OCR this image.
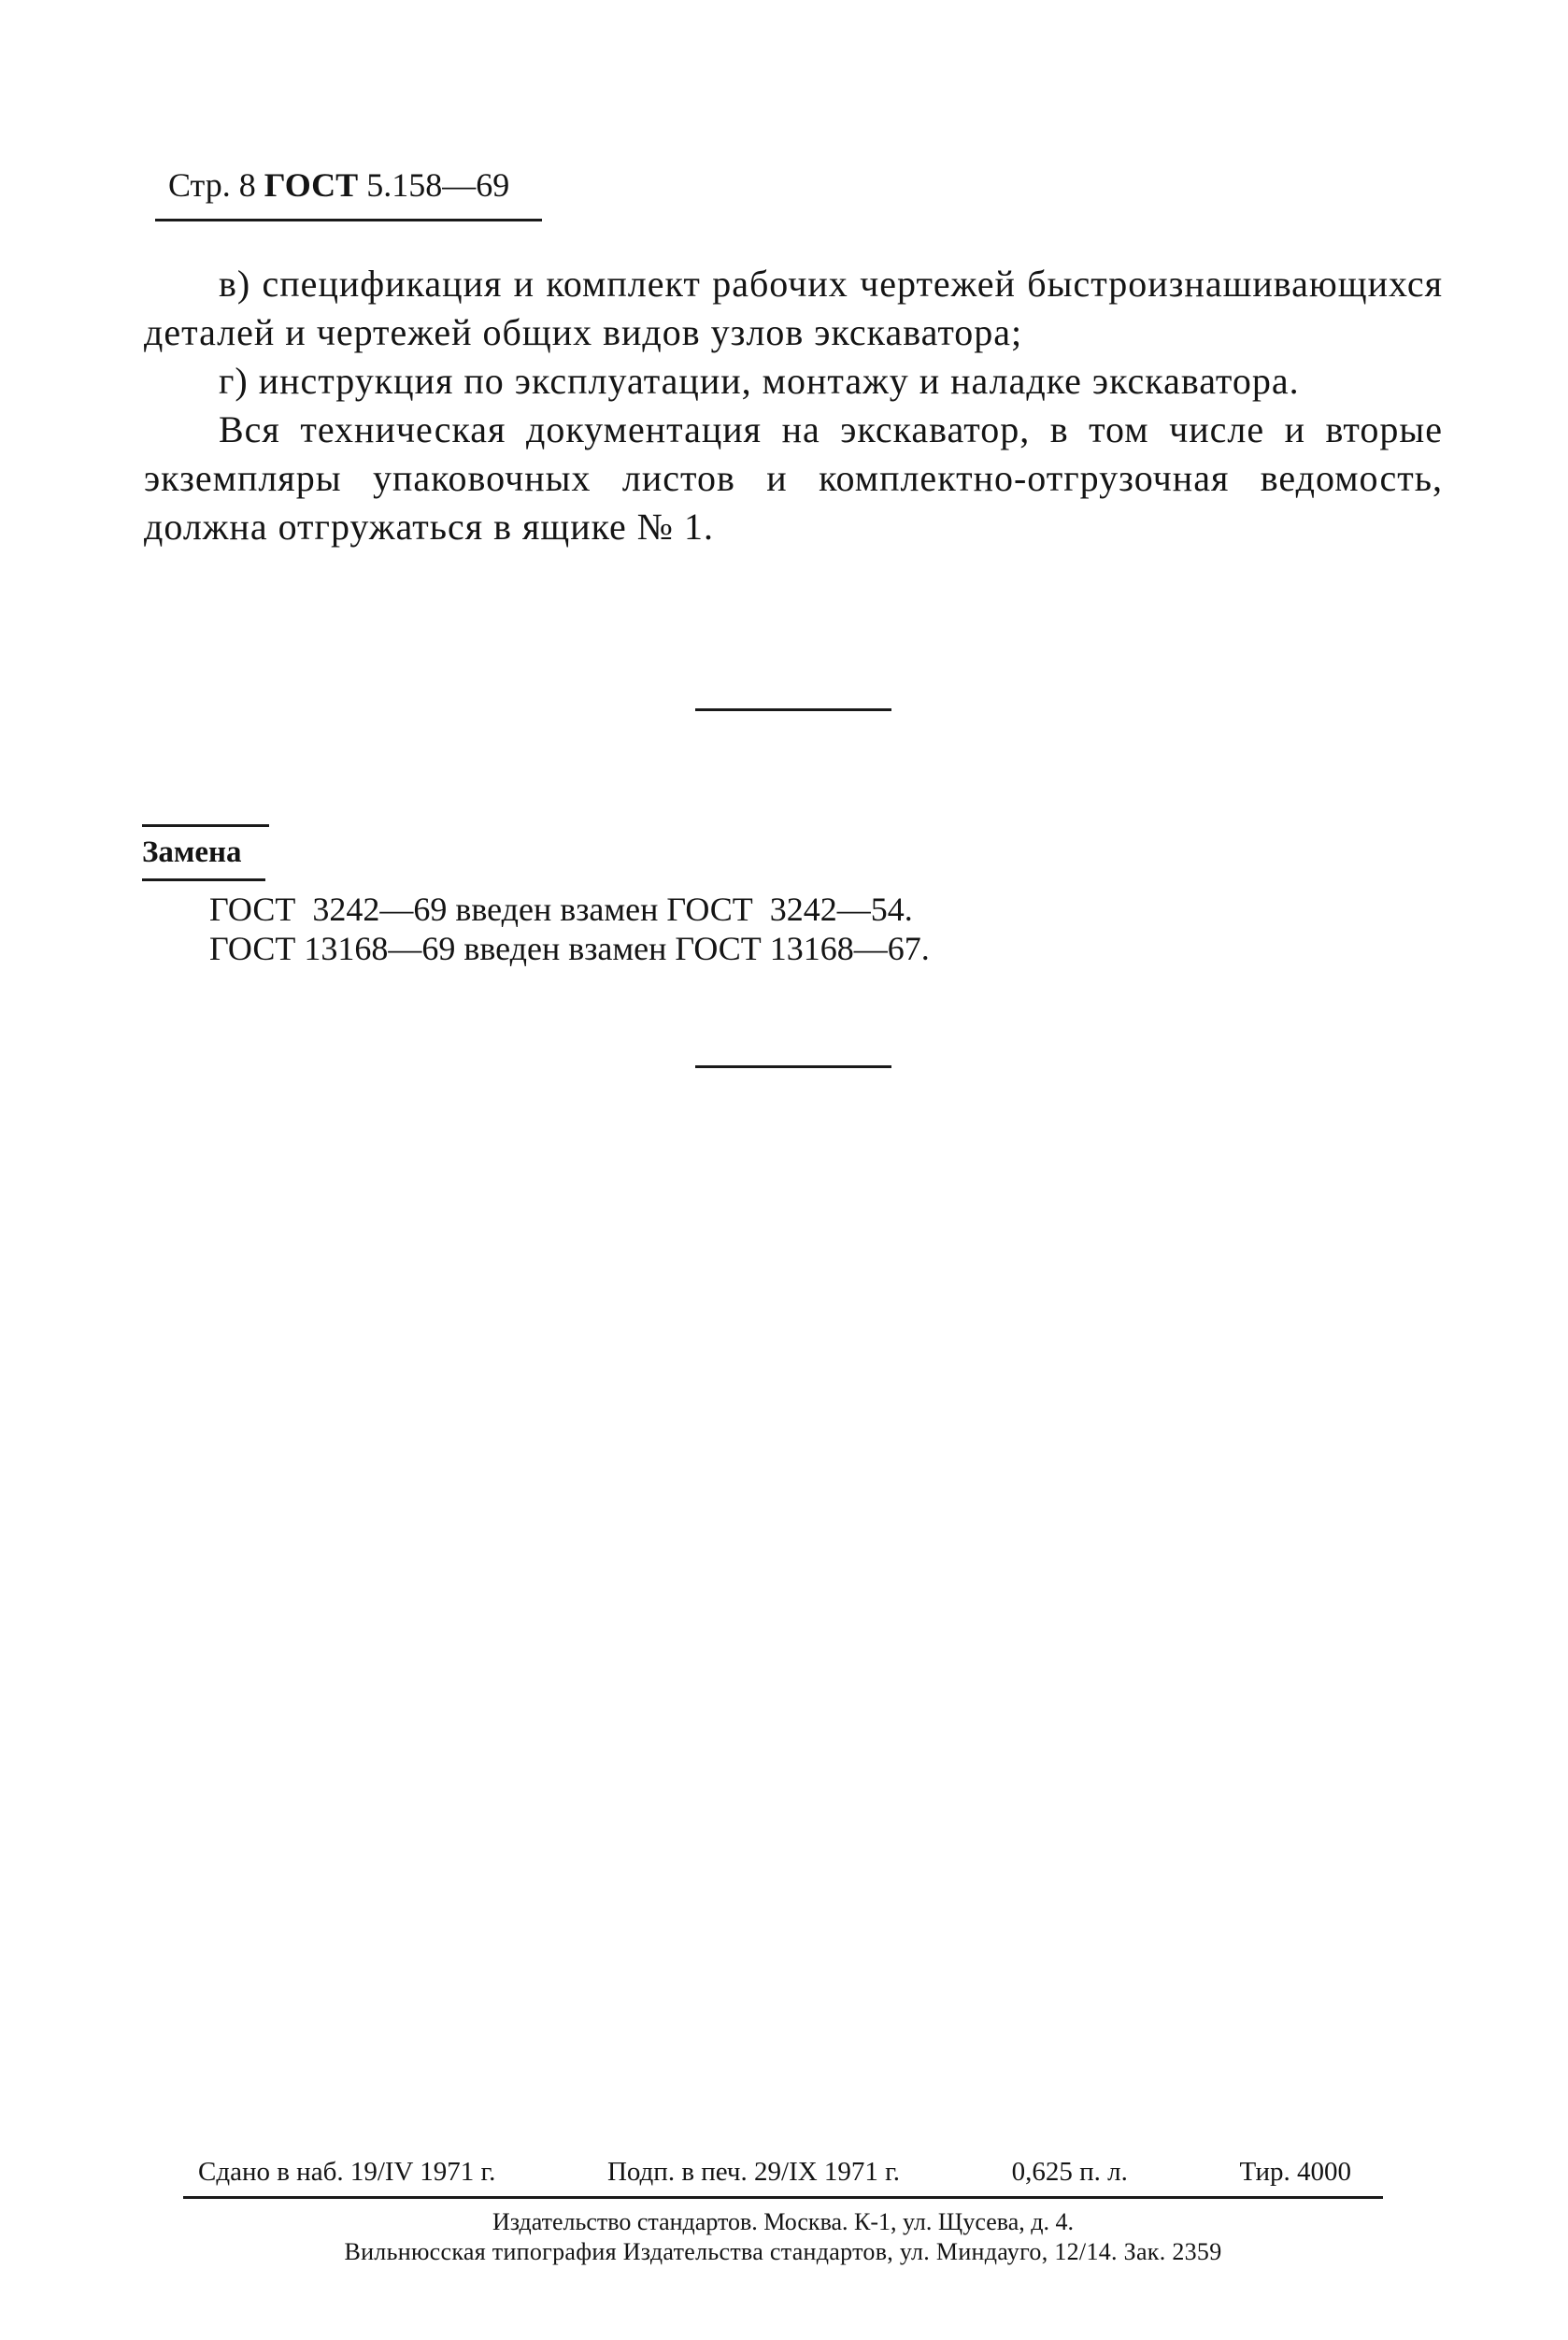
Стр. 8 ГОСТ 5.158—69

в) спецификация и комплект рабочих чертежей быстроизнашивающихся деталей и чертежей общих видов узлов экскаватора;

г) инструкция по эксплуатации, монтажу и наладке экскаватора.

Вся техническая документация на экскаватор, в том числе и вторые экземпляры упаковочных листов и комплектно-отгрузочная ведомость, должна отгружаться в ящике № 1.

Замена
ГОСТ  3242—69 введен взамен ГОСТ  3242—54.
ГОСТ 13168—69 введен взамен ГОСТ 13168—67.
Сдано в наб. 19/IV 1971 г.	Подп. в печ. 29/IX 1971 г.	0,625 п. л.	Тир. 4000
Издательство стандартов. Москва. К-1, ул. Щусева, д. 4.
Вильнюсская типография Издательства стандартов, ул. Миндауго, 12/14. Зак. 2359
